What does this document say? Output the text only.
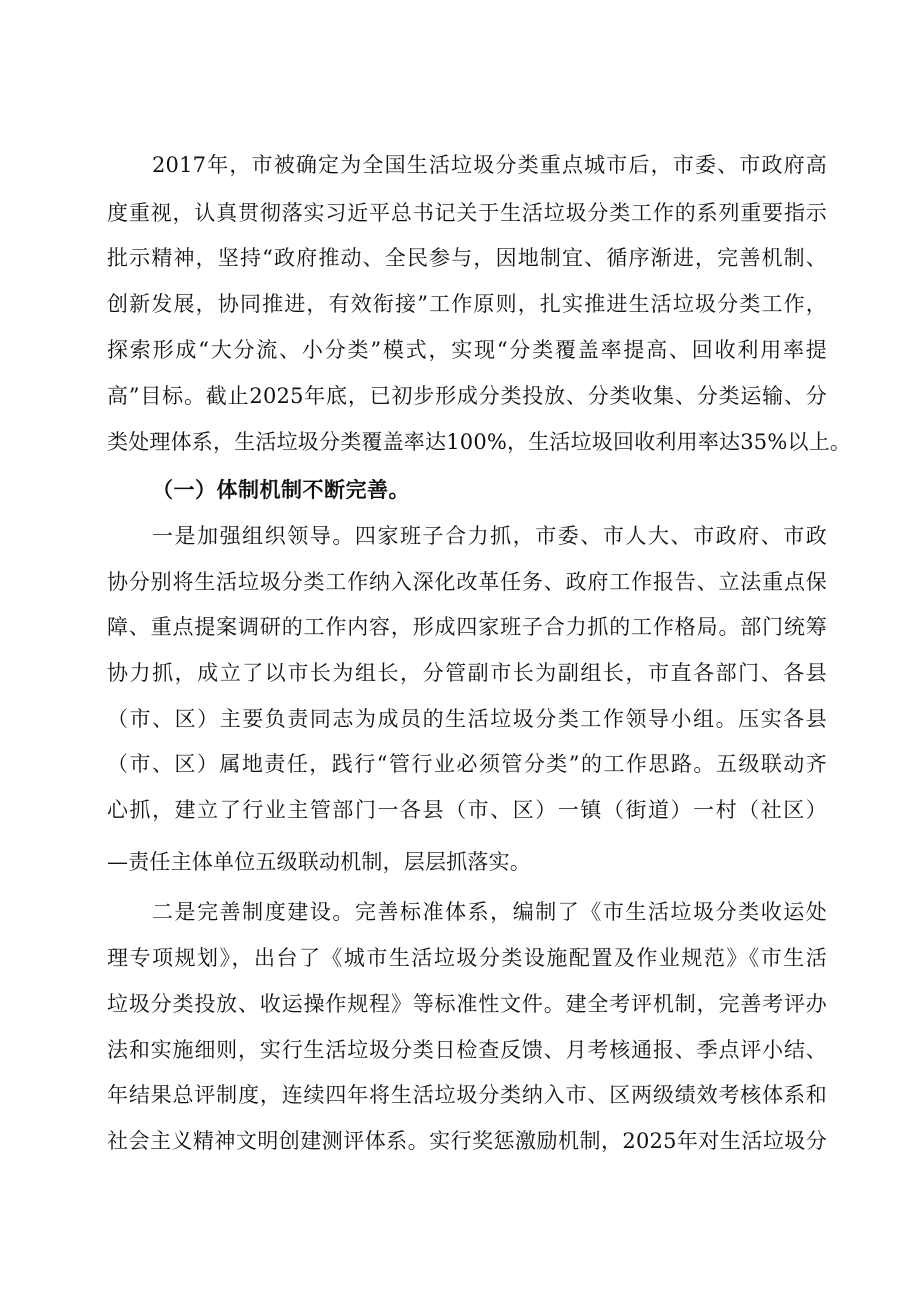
2017年，市被确定为全国生活垃圾分类重点城市后，市委、市政府高
度重视，认真贯彻落实习近平总书记关于生活垃圾分类工作的系列重要指示
批示精神，坚持“政府推动、全民参与，因地制宜、循序渐进，完善机制、
创新发展，协同推进，有效衔接”工作原则，扎实推进生活垃圾分类工作，
探索形成“大分流、小分类”模式，实现“分类覆盖率提高、回收利用率提
高”目标。截止2025年底，已初步形成分类投放、分类收集、分类运输、分
类处理体系，生活垃圾分类覆盖率达100%，生活垃圾回收利用率达35%以上。
（一）体制机制不断完善。
一是加强组织领导。四家班子合力抓，市委、市人大、市政府、市政
协分别将生活垃圾分类工作纳入深化改革任务、政府工作报告、立法重点保
障、重点提案调研的工作内容，形成四家班子合力抓的工作格局。部门统筹
协力抓，成立了以市长为组长，分管副市长为副组长，市直各部门、各县
（市、区）主要负责同志为成员的生活垃圾分类工作领导小组。压实各县
（市、区）属地责任，践行“管行业必须管分类”的工作思路。五级联动齐
心抓，建立了行业主管部门一各县（市、区）一镇（街道）一村（社区）
—责任主体单位五级联动机制，层层抓落实。
二是完善制度建设。完善标准体系，编制了《市生活垃圾分类收运处
理专项规划》，出台了《城市生活垃圾分类设施配置及作业规范》《市生活
垃圾分类投放、收运操作规程》等标准性文件。建全考评机制，完善考评办
法和实施细则，实行生活垃圾分类日检查反馈、月考核通报、季点评小结、
年结果总评制度，连续四年将生活垃圾分类纳入市、区两级绩效考核体系和
社会主义精神文明创建测评体系。实行奖惩激励机制，2025年对生活垃圾分
